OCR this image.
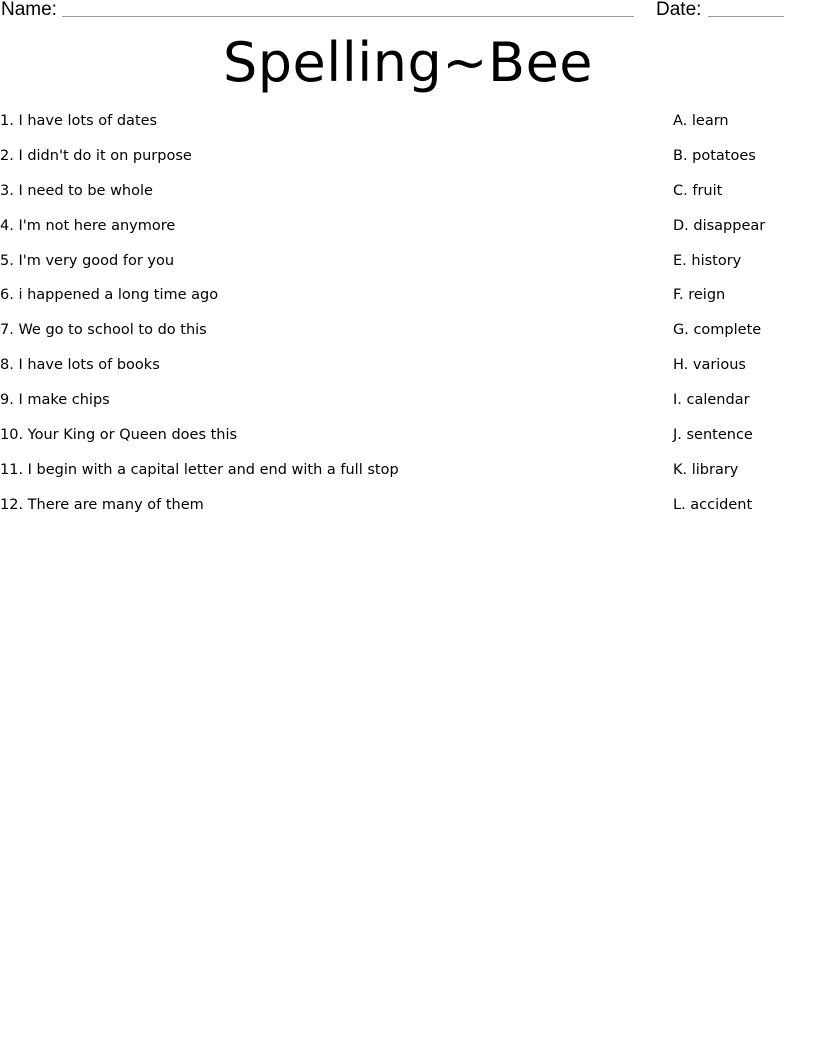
Name:	Date:
Spelling~Bee
1. I have lots of dates	A. learn
2. I didn't do it on purpose	B. potatoes
3. I need to be whole	C. fruit
4. I'm not here anymore	D. disappear
5. I'm very good for you	E. history
6. i happened a long time ago	F. reign
7. We go to school to do this	G. complete
8. I have lots of books	H. various
9. I make chips	I. calendar
10. Your King or Queen does this	J. sentence
11. I begin with a capital letter and end with a full stop	K. library
12. There are many of them	L. accident
